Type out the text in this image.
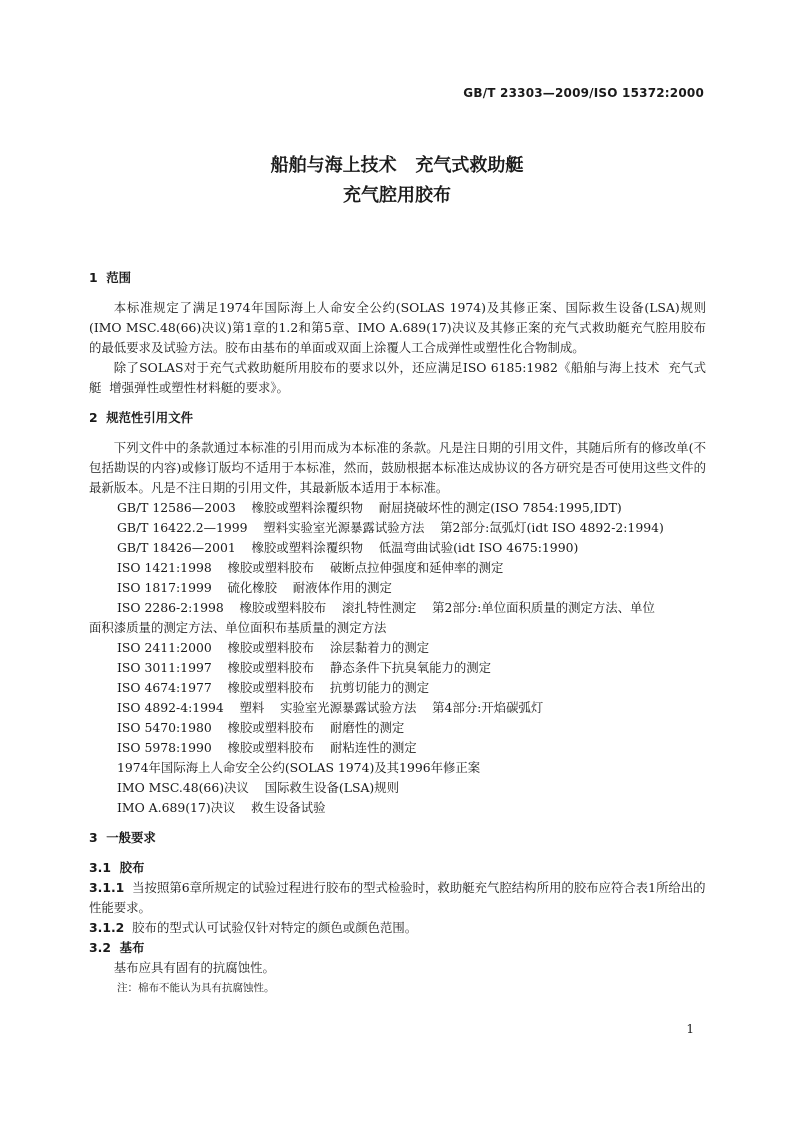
GB/T 23303—2009/ISO 15372:2000
船舶与海上技术   充气式救助艇
充气腔用胶布
1  范围

本标准规定了满足1974年国际海上人命安全公约(SOLAS 1974)及其修正案、国际救生设备(LSA)规则(IMO MSC.48(66)决议)第1章的1.2和第5章、IMO A.689(17)决议及其修正案的充气式救助艇充气腔用胶布的最低要求及试验方法。胶布由基布的单面或双面上涂覆人工合成弹性或塑性化合物制成。

除了SOLAS对于充气式救助艇所用胶布的要求以外，还应满足ISO 6185:1982《船舶与海上技术  充气式艇  增强弹性或塑性材料艇的要求》。

2  规范性引用文件

下列文件中的条款通过本标准的引用而成为本标准的条款。凡是注日期的引用文件，其随后所有的修改单(不包括勘误的内容)或修订版均不适用于本标准，然而，鼓励根据本标准达成协议的各方研究是否可使用这些文件的最新版本。凡是不注日期的引用文件，其最新版本适用于本标准。

GB/T 12586—2003    橡胶或塑料涂覆织物    耐屈挠破坏性的测定(ISO 7854:1995,IDT)

GB/T 16422.2—1999    塑料实验室光源暴露试验方法    第2部分:氙弧灯(idt ISO 4892-2:1994)

GB/T 18426—2001    橡胶或塑料涂覆织物    低温弯曲试验(idt ISO 4675:1990)

ISO 1421:1998    橡胶或塑料胶布    破断点拉伸强度和延伸率的测定

ISO 1817:1999    硫化橡胶    耐液体作用的测定

ISO 2286-2:1998    橡胶或塑料胶布    滚扎特性测定    第2部分:单位面积质量的测定方法、单位

面积漆质量的测定方法、单位面积布基质量的测定方法

ISO 2411:2000    橡胶或塑料胶布    涂层黏着力的测定

ISO 3011:1997    橡胶或塑料胶布    静态条件下抗臭氧能力的测定

ISO 4674:1977    橡胶或塑料胶布    抗剪切能力的测定

ISO 4892-4:1994    塑料    实验室光源暴露试验方法    第4部分:开焰碳弧灯

ISO 5470:1980    橡胶或塑料胶布    耐磨性的测定

ISO 5978:1990    橡胶或塑料胶布    耐粘连性的测定

1974年国际海上人命安全公约(SOLAS 1974)及其1996年修正案

IMO MSC.48(66)决议    国际救生设备(LSA)规则

IMO A.689(17)决议    救生设备试验

3  一般要求
3.1  胶布

3.1.1 当按照第6章所规定的试验过程进行胶布的型式检验时，救助艇充气腔结构所用的胶布应符合表1所给出的性能要求。

3.1.2 胶布的型式认可试验仅针对特定的颜色或颜色范围。

3.2  基布

基布应具有固有的抗腐蚀性。

注：棉布不能认为具有抗腐蚀性。

1
